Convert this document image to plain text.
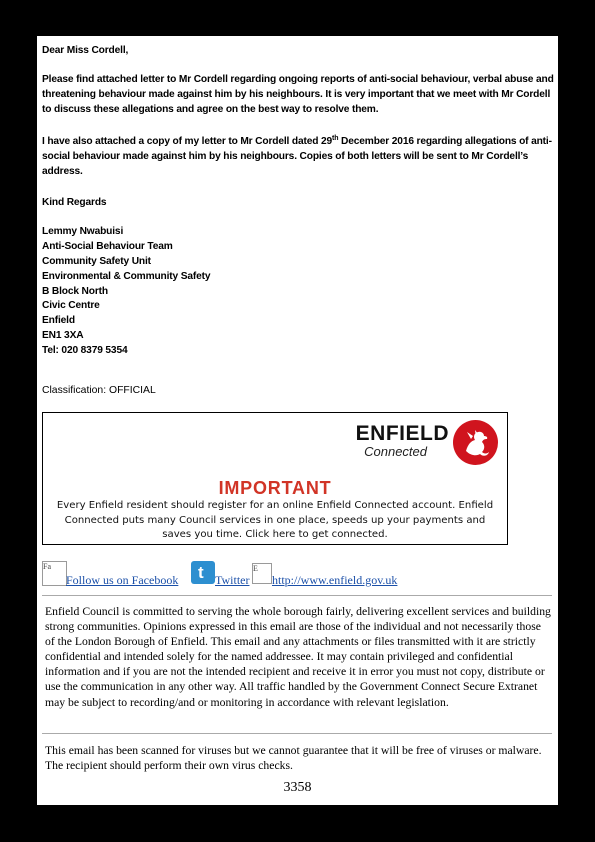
Dear Miss Cordell,

Please find attached letter to Mr Cordell regarding ongoing reports of anti-social behaviour, verbal abuse and threatening behaviour made against him by his neighbours. It is very important that we meet with Mr Cordell to discuss these allegations and agree on the best way to resolve them.

I have also attached a copy of my letter to Mr Cordell dated 29th December 2016 regarding allegations of anti-social behaviour made against him by his neighbours. Copies of both letters will be sent to Mr Cordell’s address.

Kind Regards

Lemmy Nwabuisi
Anti-Social Behaviour Team
Community Safety Unit
Environmental & Community Safety
B Block North
Civic Centre
Enfield
EN1 3XA
Tel: 020 8379 5354

Classification: OFFICIAL

ENFIELD
Connected
IMPORTANT
Every Enfield resident should register for an online Enfield Connected account. Enfield Connected puts many Council services in one place, speeds up your payments and saves you time. Click here to get connected.
Fa
Follow us on Facebook t Twitter
E
http://www.enfield.gov.uk

Enfield Council is committed to serving the whole borough fairly, delivering excellent services and building strong communities. Opinions expressed in this email are those of the individual and not necessarily those of the London Borough of Enfield. This email and any attachments or files transmitted with it are strictly confidential and intended solely for the named addressee. It may contain privileged and confidential information and if you are not the intended recipient and receive it in error you must not copy, distribute or use the communication in any other way. All traffic handled by the Government Connect Secure Extranet may be subject to recording/and or monitoring in accordance with relevant legislation.

This email has been scanned for viruses but we cannot guarantee that it will be free of viruses or malware. The recipient should perform their own virus checks.

3358
